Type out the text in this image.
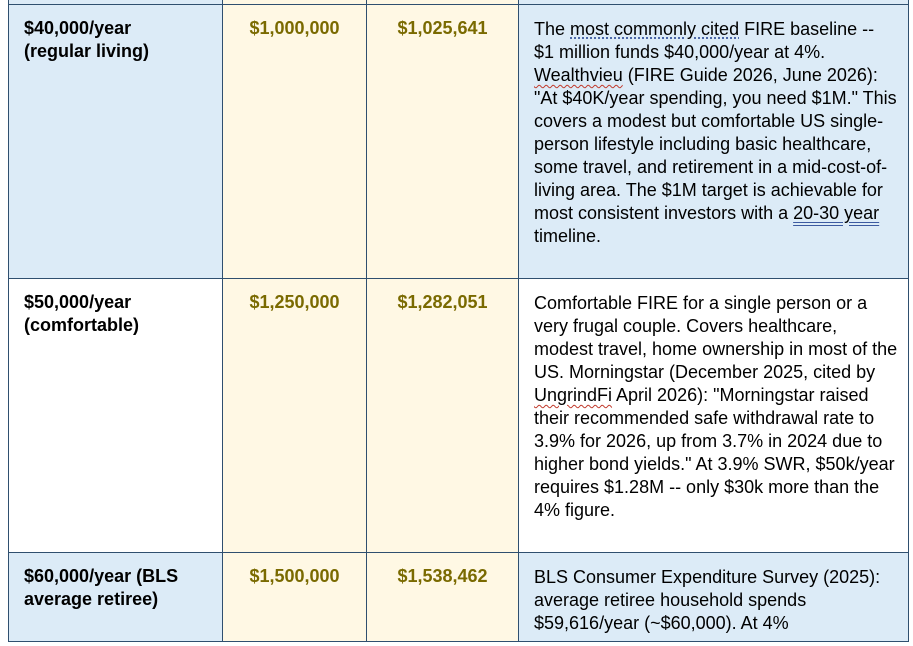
$40,000/year
(regular living)	$1,000,000	$1,025,641	The most commonly cited FIRE baseline -- $1 million funds $40,000/year at 4%. Wealthvieu (FIRE Guide 2026, June 2026): "At $40K/year spending, you need $1M." This covers a modest but comfortable US single-person lifestyle including basic healthcare, some travel, and retirement in a mid-cost-of-living area. The $1M target is achievable for most consistent investors with a 20-30 year timeline.

$50,000/year
(comfortable)	$1,250,000	$1,282,051	Comfortable FIRE for a single person or a very frugal couple. Covers healthcare, modest travel, home ownership in most of the US. Morningstar (December 2025, cited by UngrindFi April 2026): "Morningstar raised their recommended safe withdrawal rate to 3.9% for 2026, up from 3.7% in 2024 due to higher bond yields." At 3.9% SWR, $50k/year requires $1.28M -- only $30k more than the 4% figure.

$60,000/year (BLS
average retiree)	$1,500,000	$1,538,462	BLS Consumer Expenditure Survey (2025): average retiree household spends $59,616/year (~$60,000). At 4%
